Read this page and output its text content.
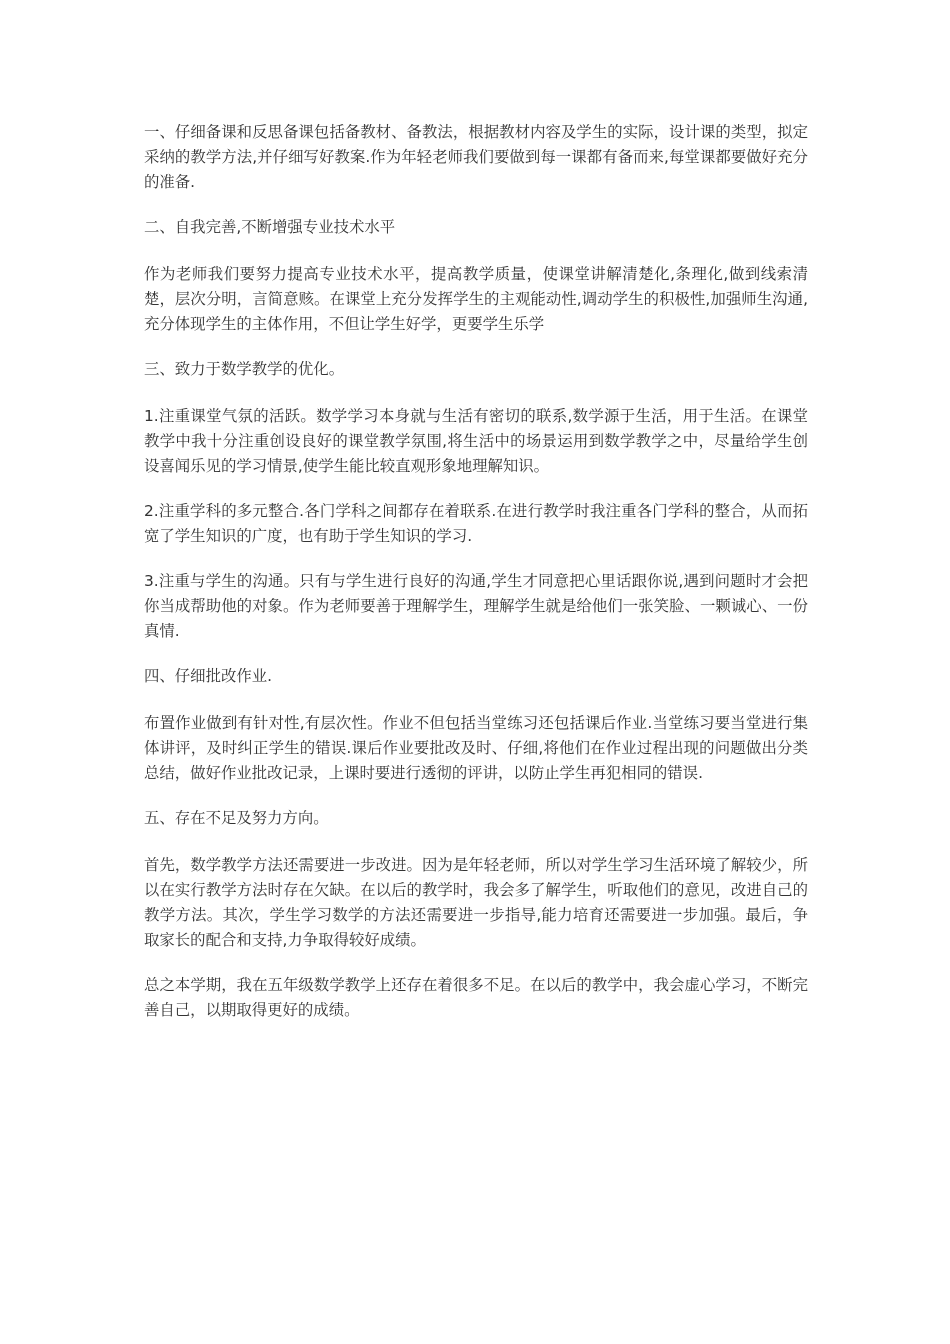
一、仔细备课和反思备课包括备教材、备教法，根据教材内容及学生的实际，设计课的类型，拟定采纳的教学方法,并仔细写好教案.作为年轻老师我们要做到每一课都有备而来,每堂课都要做好充分的准备.

二、自我完善,不断增强专业技术水平

作为老师我们要努力提高专业技术水平，提高教学质量，使课堂讲解清楚化,条理化,做到线索清楚，层次分明，言简意赅。在课堂上充分发挥学生的主观能动性,调动学生的积极性,加强师生沟通,充分体现学生的主体作用，不但让学生好学，更要学生乐学

三、致力于数学教学的优化。

1.注重课堂气氛的活跃。数学学习本身就与生活有密切的联系,数学源于生活，用于生活。在课堂教学中我十分注重创设良好的课堂教学氛围,将生活中的场景运用到数学教学之中，尽量给学生创设喜闻乐见的学习情景,使学生能比较直观形象地理解知识。

2.注重学科的多元整合.各门学科之间都存在着联系.在进行教学时我注重各门学科的整合，从而拓宽了学生知识的广度，也有助于学生知识的学习.

3.注重与学生的沟通。只有与学生进行良好的沟通,学生才同意把心里话跟你说,遇到问题时才会把你当成帮助他的对象。作为老师要善于理解学生，理解学生就是给他们一张笑脸、一颗诚心、一份真情.

四、仔细批改作业.

布置作业做到有针对性,有层次性。作业不但包括当堂练习还包括课后作业.当堂练习要当堂进行集体讲评，及时纠正学生的错误.课后作业要批改及时、仔细,将他们在作业过程出现的问题做出分类总结，做好作业批改记录，上课时要进行透彻的评讲，以防止学生再犯相同的错误.

五、存在不足及努力方向。

首先，数学教学方法还需要进一步改进。因为是年轻老师，所以对学生学习生活环境了解较少，所以在实行教学方法时存在欠缺。在以后的教学时，我会多了解学生，听取他们的意见，改进自己的教学方法。其次，学生学习数学的方法还需要进一步指导,能力培育还需要进一步加强。最后，争取家长的配合和支持,力争取得较好成绩。

总之本学期，我在五年级数学教学上还存在着很多不足。在以后的教学中，我会虚心学习，不断完善自己，以期取得更好的成绩。
